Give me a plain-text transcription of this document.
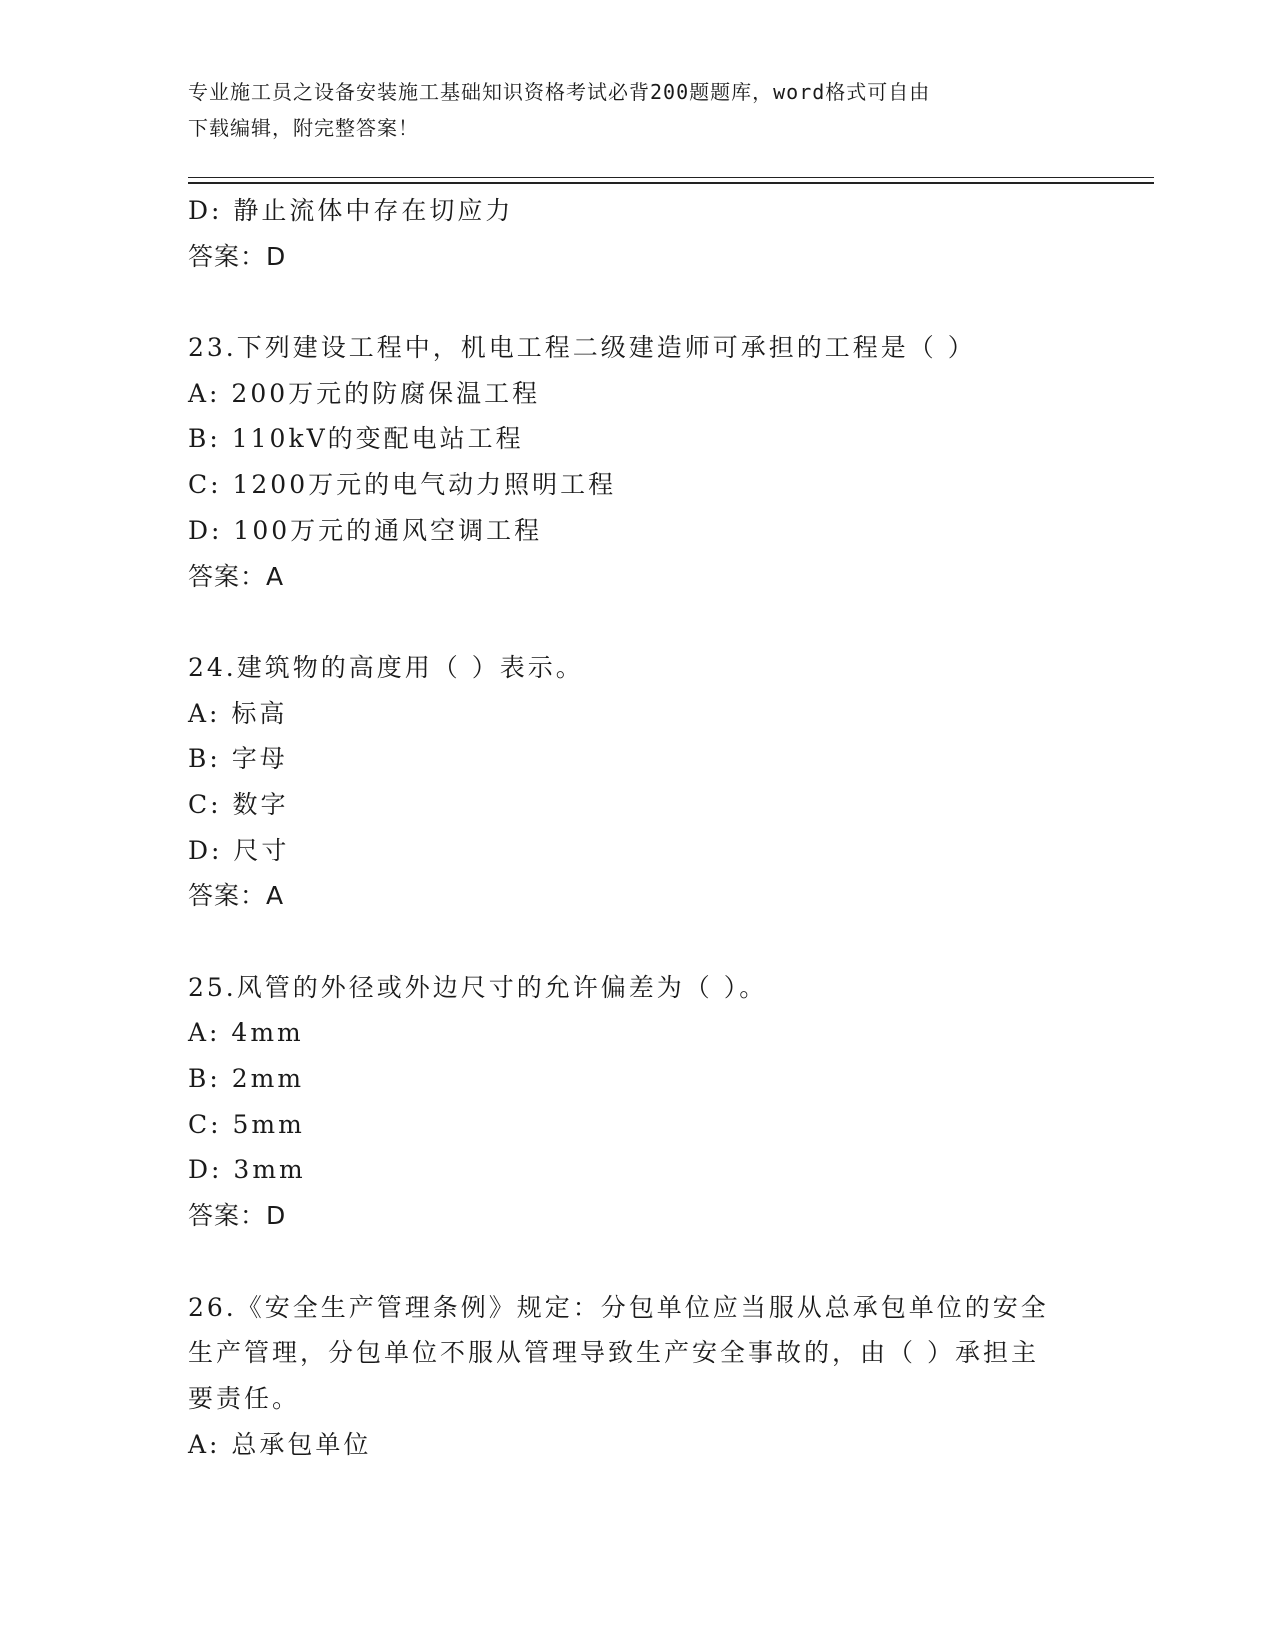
专业施工员之设备安装施工基础知识资格考试必背200题题库，word格式可自由
下载编辑，附完整答案！
D: 静止流体中存在切应力
答案：D
23.下列建设工程中，机电工程二级建造师可承担的工程是（ ）
A: 200万元的防腐保温工程
B: 110kV的变配电站工程
C: 1200万元的电气动力照明工程
D: 100万元的通风空调工程
答案：A
24.建筑物的高度用（ ）表示。
A: 标高
B: 字母
C: 数字
D: 尺寸
答案：A
25.风管的外径或外边尺寸的允许偏差为（ ）。
A: 4mm
B: 2mm
C: 5mm
D: 3mm
答案：D
26.《安全生产管理条例》规定：分包单位应当服从总承包单位的安全
生产管理，分包单位不服从管理导致生产安全事故的，由（ ）承担主
要责任。
A: 总承包单位
